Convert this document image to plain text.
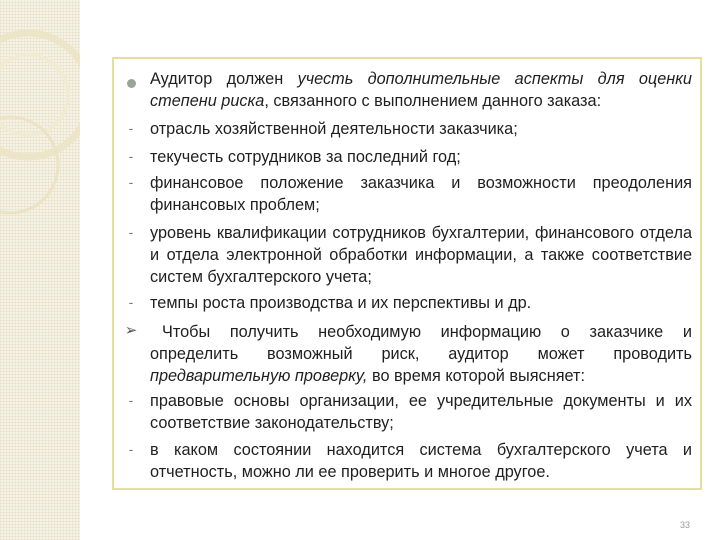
Аудитор должен учесть дополнительные аспекты для оценки степени риска, связанного с выполнением данного заказа:
-	отрасль хозяйственной деятельности заказчика;
-	текучесть сотрудников за последний год;
-	финансовое положение заказчика и возможности преодоления финансовых проблем;
-	уровень квалификации сотрудников бухгалтерии, финансового отдела и отдела электронной обработки информации, а также соответствие систем бухгалтерского учета;
-	темпы роста производства и их перспективы и др.
➢	Чтобы получить необходимую информацию о заказчике и определить возможный риск, аудитор может проводить предварительную проверку, во время которой выясняет:
-	правовые основы организации, ее учредительные документы и их соответствие законодательству;
-	в каком состоянии находится система бухгалтерского учета и отчетность, можно ли ее проверить и многое другое.
33
